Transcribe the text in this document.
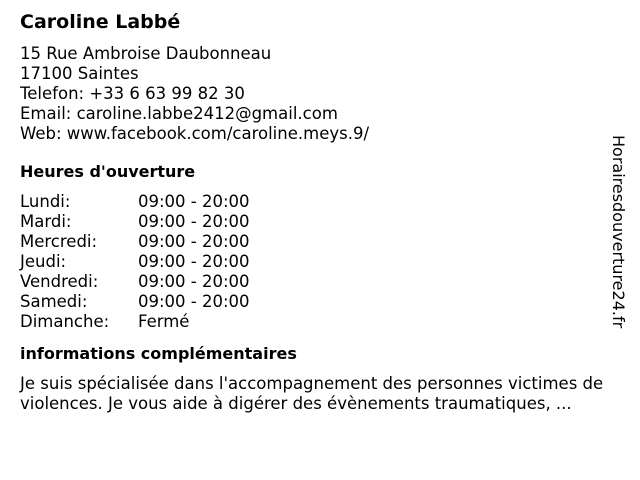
Caroline Labbé
15 Rue Ambroise Daubonneau
17100 Saintes
Telefon: +33 6 63 99 82 30
Email: caroline.labbe2412@gmail.com
Web: www.facebook.com/caroline.meys.9/
Heures d'ouverture
Lundi:	09:00 - 20:00
Mardi:	09:00 - 20:00
Mercredi:	09:00 - 20:00
Jeudi:	09:00 - 20:00
Vendredi:	09:00 - 20:00
Samedi:	09:00 - 20:00
Dimanche:	Fermé
informations complémentaires
Je suis spécialisée dans l'accompagnement des personnes victimes de violences. Je vous aide à digérer des évènements traumatiques, ...
Horairesdouverture24.fr
